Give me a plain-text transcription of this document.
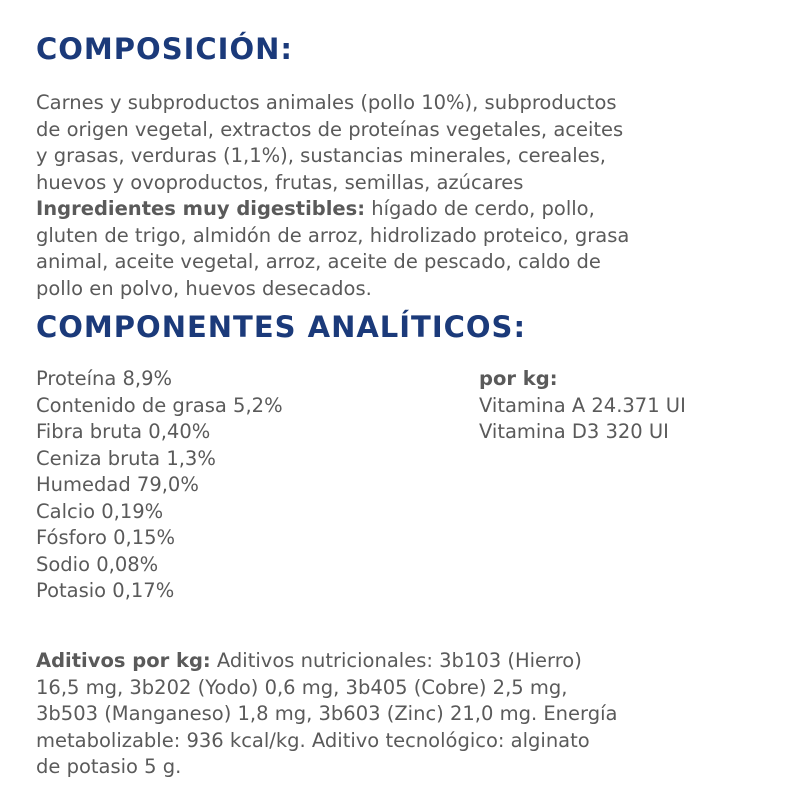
COMPOSICIÓN:
Carnes y subproductos animales (pollo 10%), subproductos
de origen vegetal, extractos de proteínas vegetales, aceites
y grasas, verduras (1,1%), sustancias minerales, cereales,
huevos y ovoproductos, frutas, semillas, azúcares
Ingredientes muy digestibles: hígado de cerdo, pollo,
gluten de trigo, almidón de arroz, hidrolizado proteico, grasa
animal, aceite vegetal, arroz, aceite de pescado, caldo de
pollo en polvo, huevos desecados.
COMPONENTES ANALÍTICOS:
Proteína 8,9%
Contenido de grasa 5,2%
Fibra bruta 0,40%
Ceniza bruta 1,3%
Humedad 79,0%
Calcio 0,19%
Fósforo 0,15%
Sodio 0,08%
Potasio 0,17%
por kg:
Vitamina A 24.371 UI
Vitamina D3 320 UI
Aditivos por kg: Aditivos nutricionales: 3b103 (Hierro)
16,5 mg, 3b202 (Yodo) 0,6 mg, 3b405 (Cobre) 2,5 mg,
3b503 (Manganeso) 1,8 mg, 3b603 (Zinc) 21,0 mg. Energía
metabolizable: 936 kcal/kg. Aditivo tecnológico: alginato
de potasio 5 g.
